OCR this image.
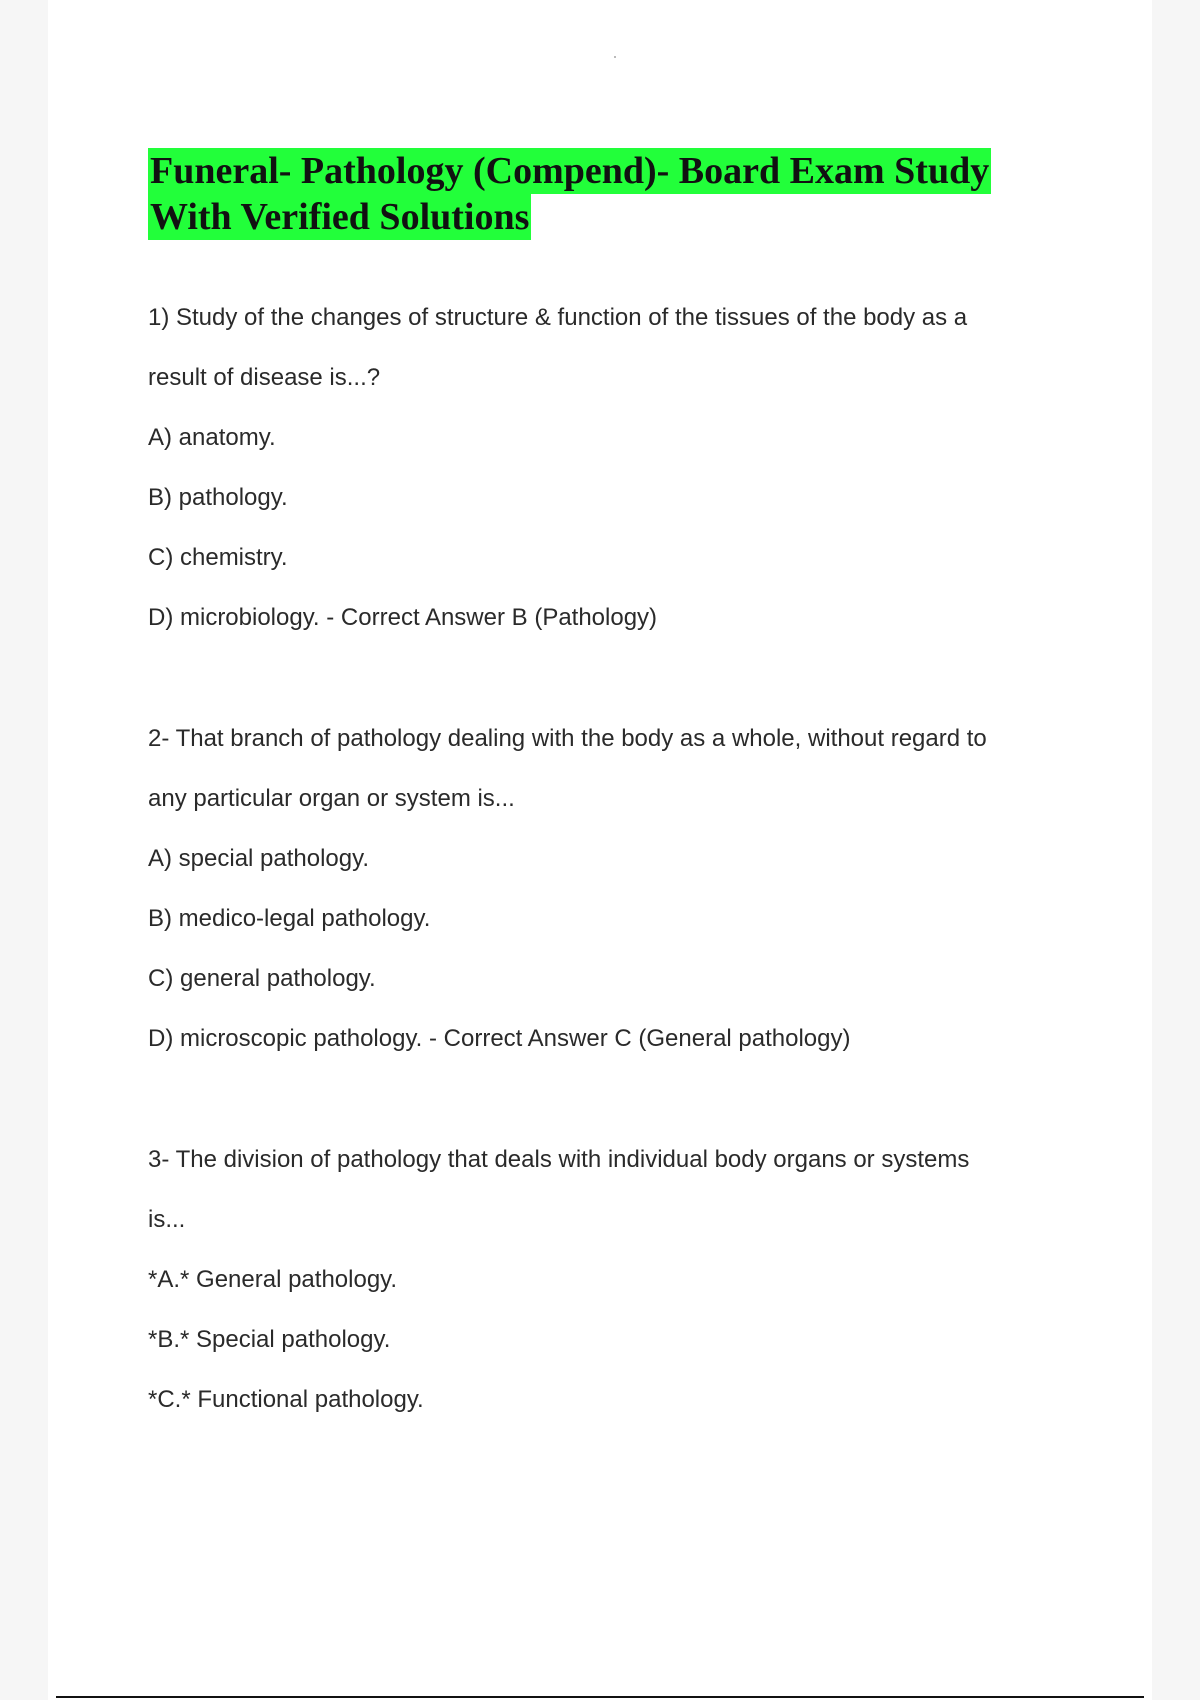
Funeral- Pathology (Compend)- Board Exam Study
With Verified Solutions

1) Study of the changes of structure & function of the tissues of the body as a

result of disease is...?

A) anatomy.

B) pathology.

C) chemistry.

D) microbiology. - Correct Answer B (Pathology)

2- That branch of pathology dealing with the body as a whole, without regard to

any particular organ or system is...

A) special pathology.

B) medico-legal pathology.

C) general pathology.

D) microscopic pathology. - Correct Answer C (General pathology)

3- The division of pathology that deals with individual body organs or systems

is...

*A.* General pathology.

*B.* Special pathology.

*C.* Functional pathology.
